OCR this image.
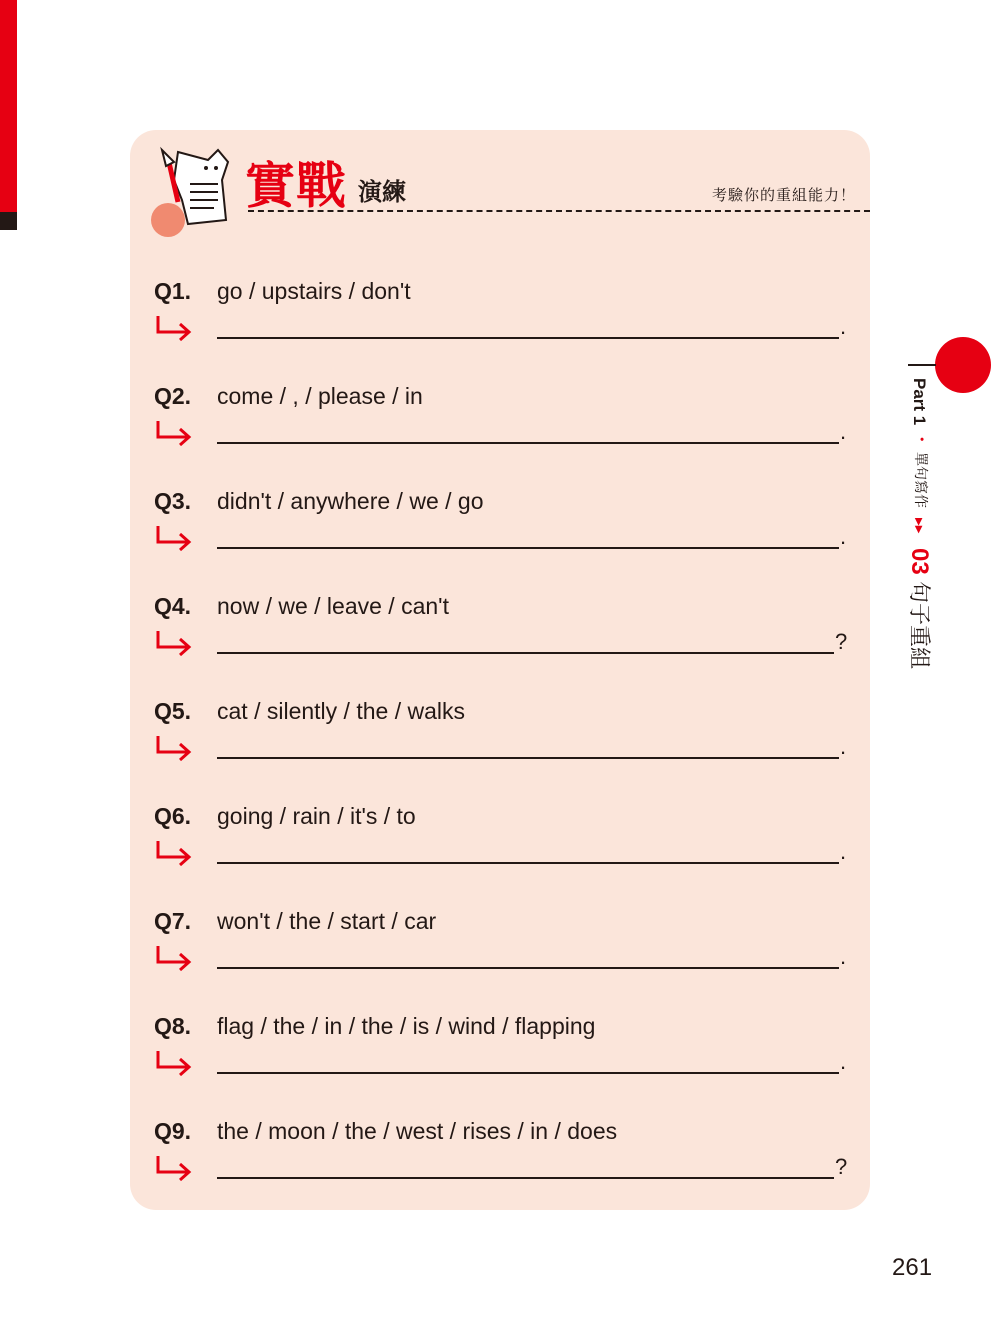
實戰 演練	考驗你的重組能力！
Q1. go / upstairs / don't
.
Q2. come / , / please / in
.
Q3. didn't / anywhere / we / go
.
Q4. now / we / leave / can't
?
Q5. cat / silently / the / walks
.
Q6. going / rain / it's / to
.
Q7. won't / the / start / car
.
Q8. flag / the / in / the / is / wind / flapping
.
Q9. the / moon / the / west / rises / in / does
?
Part 1
•
單句寫作
▶▶
03
句子重組
261
